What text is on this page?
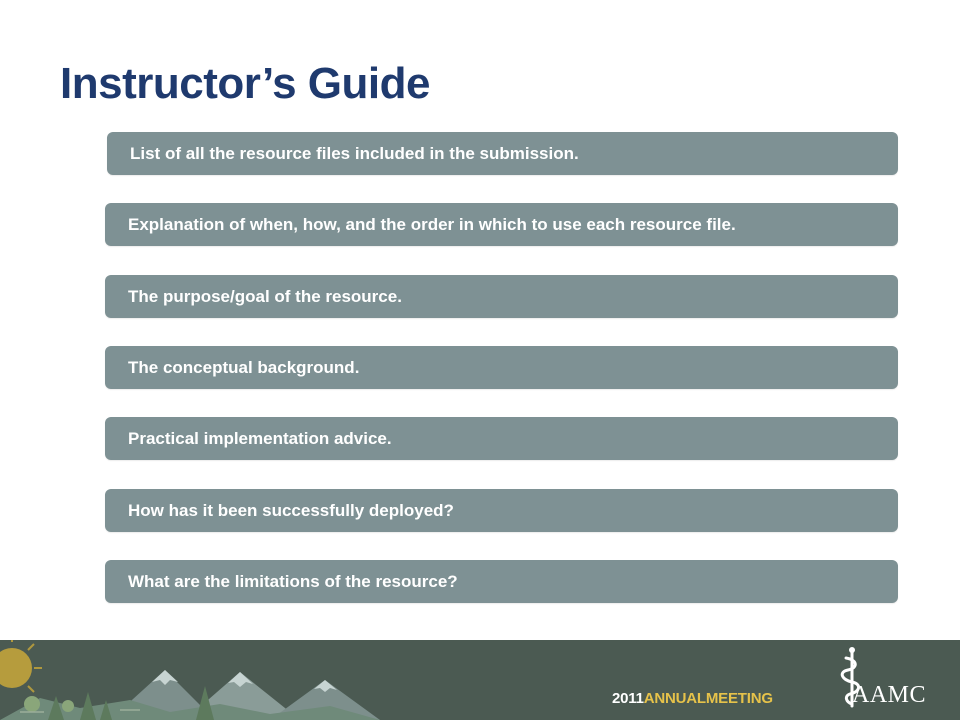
Instructor’s Guide
List of all the resource files included in the submission.
Explanation of when, how, and the order in which to use each resource file.
The purpose/goal of the resource.
The conceptual background.
Practical implementation advice.
How has it been successfully deployed?
What are the limitations of the resource?
2011ANNUALMEETING	AAMC
